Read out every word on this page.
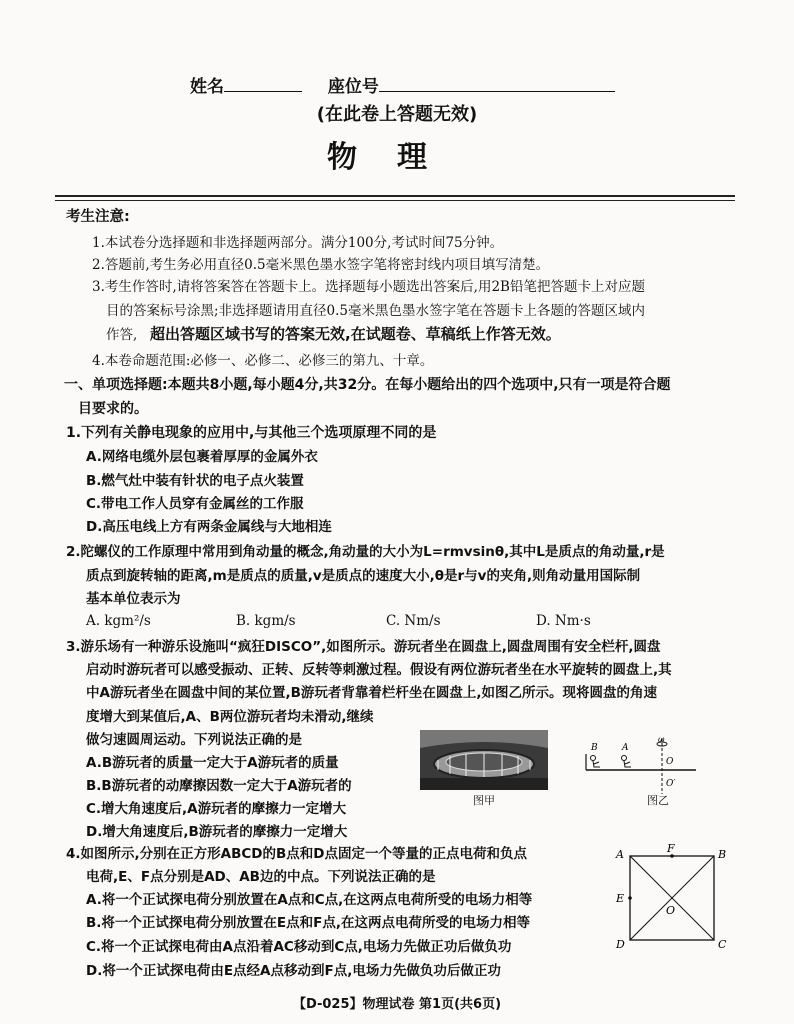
姓名	座位号
(在此卷上答题无效)
物理
考生注意:
1.本试卷分选择题和非选择题两部分。满分100分,考试时间75分钟。
2.答题前,考生务必用直径0.5毫米黑色墨水签字笔将密封线内项目填写清楚。
3.考生作答时,请将答案答在答题卡上。选择题每小题选出答案后,用2B铅笔把答题卡上对应题
目的答案标号涂黑;非选择题请用直径0.5毫米黑色墨水签字笔在答题卡上各题的答题区域内
作答, 超出答题区域书写的答案无效,在试题卷、草稿纸上作答无效。
4.本卷命题范围:必修一、必修二、必修三的第九、十章。
一、单项选择题:本题共8小题,每小题4分,共32分。在每小题给出的四个选项中,只有一项是符合题
目要求的。
1.下列有关静电现象的应用中,与其他三个选项原理不同的是
A.网络电缆外层包裹着厚厚的金属外衣
B.燃气灶中装有针状的电子点火装置
C.带电工作人员穿有金属丝的工作服
D.高压电线上方有两条金属线与大地相连
2.陀螺仪的工作原理中常用到角动量的概念,角动量的大小为L=rmvsinθ,其中L是质点的角动量,r是
质点到旋转轴的距离,m是质点的质量,v是质点的速度大小,θ是r与v的夹角,则角动量用国际制
基本单位表示为
A. kgm²/s	B. kgm/s	C. Nm/s	D. Nm·s
3.游乐场有一种游乐设施叫“疯狂DISCO”,如图所示。游玩者坐在圆盘上,圆盘周围有安全栏杆,圆盘
启动时游玩者可以感受振动、正转、反转等刺激过程。假设有两位游玩者坐在水平旋转的圆盘上,其
中A游玩者坐在圆盘中间的某位置,B游玩者背靠着栏杆坐在圆盘上,如图乙所示。现将圆盘的角速
度增大到某值后,A、B两位游玩者均未滑动,继续
做匀速圆周运动。下列说法正确的是
A.B游玩者的质量一定大于A游玩者的质量
B.B游玩者的动摩擦因数一定大于A游玩者的
C.增大角速度后,A游玩者的摩擦力一定增大
D.增大角速度后,B游玩者的摩擦力一定增大
图甲
B	A
ω
O
O′
图乙
4.如图所示,分别在正方形ABCD的B点和D点固定一个等量的正点电荷和负点
电荷,E、F点分别是AD、AB边的中点。下列说法正确的是
A.将一个正试探电荷分别放置在A点和C点,在这两点电荷所受的电场力相等
B.将一个正试探电荷分别放置在E点和F点,在这两点电荷所受的电场力相等
C.将一个正试探电荷由A点沿着AC移动到C点,电场力先做正功后做负功
D.将一个正试探电荷由E点经A点移动到F点,电场力先做负功后做正功
A	F	B
E
O
D	C
【D-025】物理试卷 第1页(共6页)
